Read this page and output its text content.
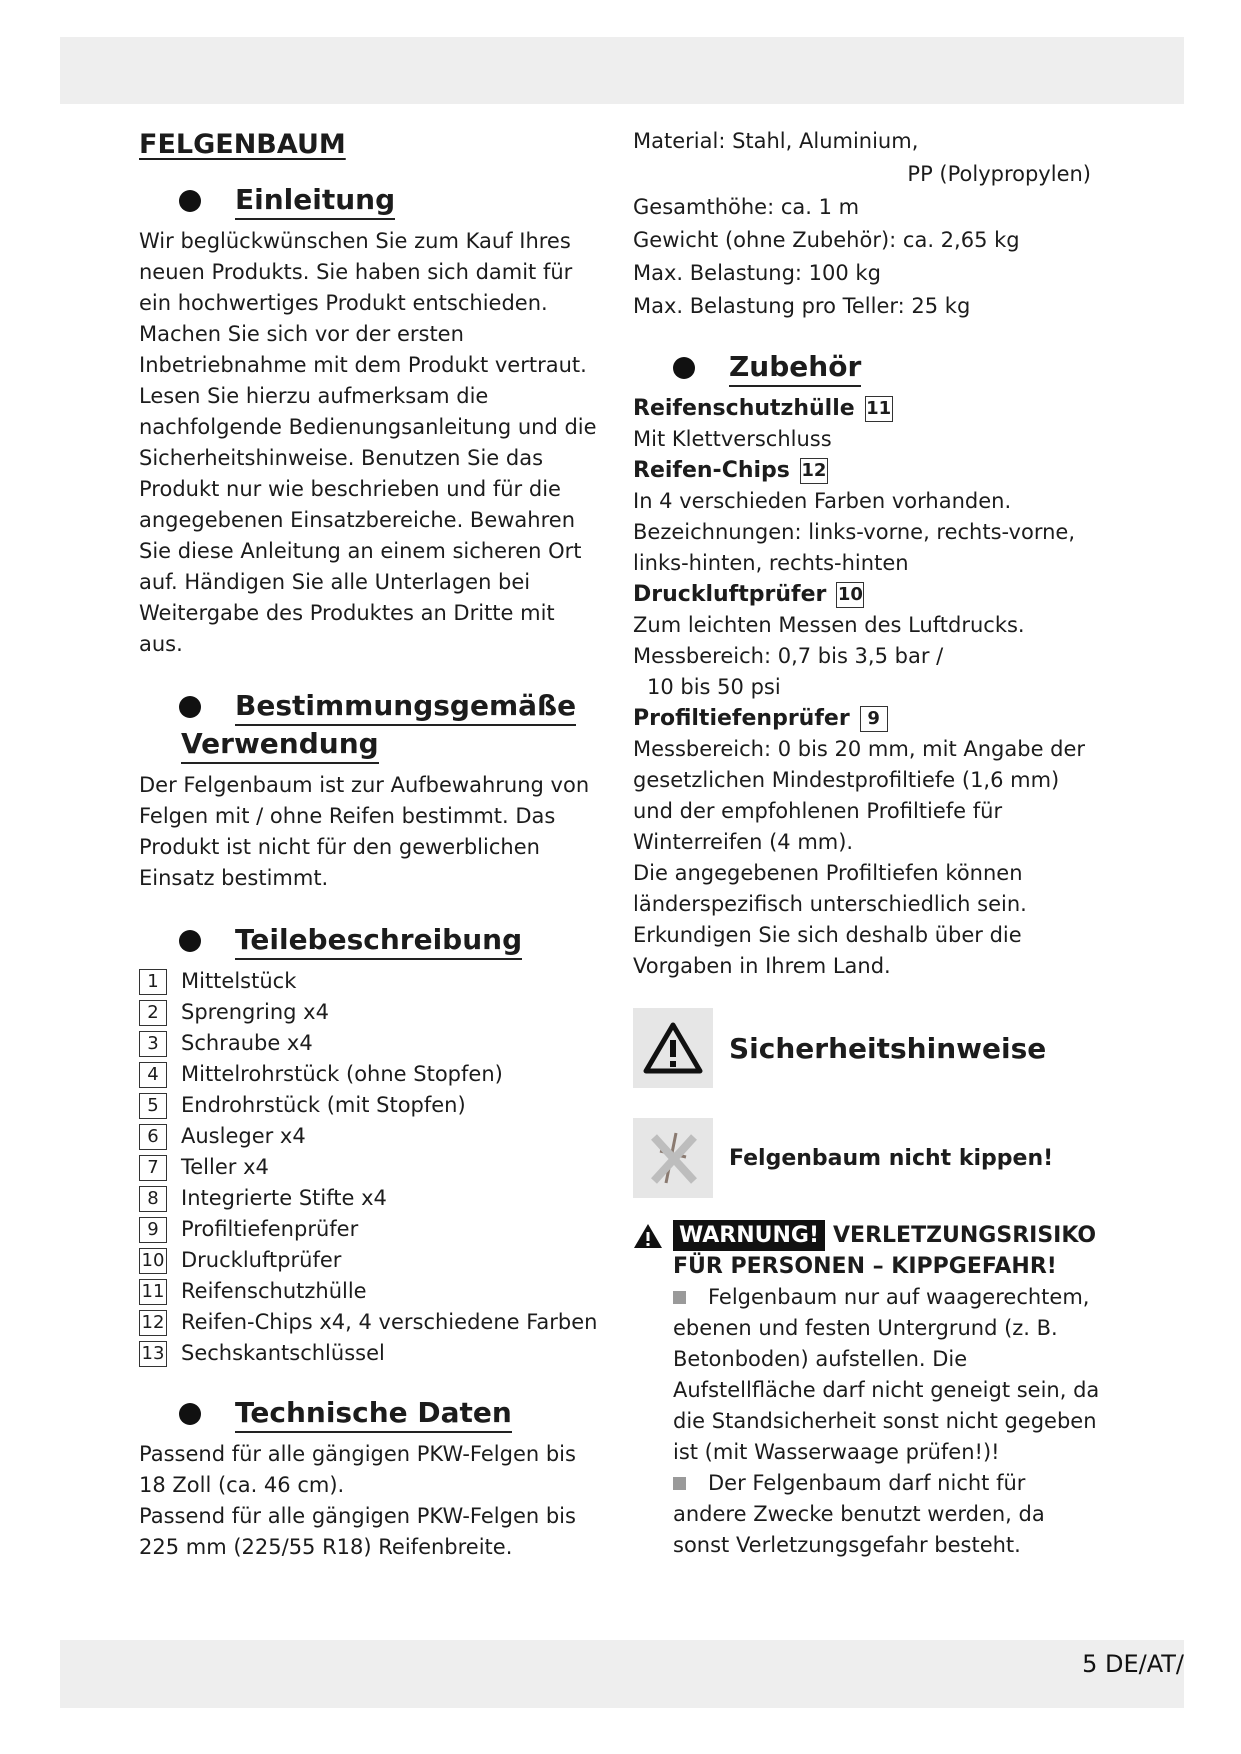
FELGENBAUM
Einleitung

Wir beglückwünschen Sie zum Kauf Ihres neuen Produkts. Sie haben sich damit für ein hochwertiges Produkt entschieden. Machen Sie sich vor der ersten Inbetriebnahme mit dem Produkt vertraut. Lesen Sie hierzu aufmerksam die nachfolgende Bedienungsanleitung und die Sicherheitshinweise. Benutzen Sie das Produkt nur wie beschrieben und für die angegebenen Einsatzbereiche. Bewahren Sie diese Anleitung an einem sicheren Ort auf. Händigen Sie alle Unterlagen bei Weitergabe des Produktes an Dritte mit aus.

Bestimmungsgemäße
Verwendung

Der Felgenbaum ist zur Aufbewahrung von Felgen mit / ohne Reifen bestimmt. Das Produkt ist nicht für den gewerblichen Einsatz bestimmt.

Teilebeschreibung
1	Mittelstück
2	Sprengring x4
3	Schraube x4
4	Mittelrohrstück (ohne Stopfen)
5	Endrohrstück (mit Stopfen)
6	Ausleger x4
7	Teller x4
8	Integrierte Stifte x4
9	Profiltiefenprüfer
10 Druckluftprüfer
11 Reifenschutzhülle
12 Reifen-Chips x4, 4 verschiedene Farben
13 Sechskantschlüssel
Technische Daten

Passend für alle gängigen PKW-Felgen bis 18 Zoll (ca. 46 cm).

Passend für alle gängigen PKW-Felgen bis 225 mm (225/55 R18) Reifenbreite.

Material: Stahl, Aluminium,
PP (Polypropylen)
Gesamthöhe: ca. 1 m
Gewicht (ohne Zubehör): ca. 2,65 kg
Max. Belastung: 100 kg
Max. Belastung pro Teller: 25 kg
Zubehör
Reifenschutzhülle 11
Mit Klettverschluss
Reifen-Chips 12
In 4 verschieden Farben vorhanden.
Bezeichnungen: links-vorne, rechts-vorne, links-hinten, rechts-hinten
Druckluftprüfer 10
Zum leichten Messen des Luftdrucks.
Messbereich: 0,7 bis 3,5 bar /
10 bis 50 psi
Profiltiefenprüfer 9
Messbereich: 0 bis 20 mm, mit Angabe der gesetzlichen Mindestprofiltiefe (1,6 mm) und der empfohlenen Profiltiefe für Winterreifen (4 mm).
Die angegebenen Profiltiefen können länderspezifisch unterschiedlich sein. Erkundigen Sie sich deshalb über die Vorgaben in Ihrem Land.
Sicherheitshinweise
Felgenbaum nicht kippen!
WARNUNG! VERLETZUNGSRISIKO
FÜR PERSONEN – KIPPGEFAHR!
Felgenbaum nur auf waagerechtem, ebenen und festen Untergrund (z. B. Betonboden) aufstellen. Die Aufstellfläche darf nicht geneigt sein, da die Standsicherheit sonst nicht gegeben ist (mit Wasserwaage prüfen!)!
Der Felgenbaum darf nicht für andere Zwecke benutzt werden, da sonst Verletzungsgefahr besteht.
5 DE/AT/
